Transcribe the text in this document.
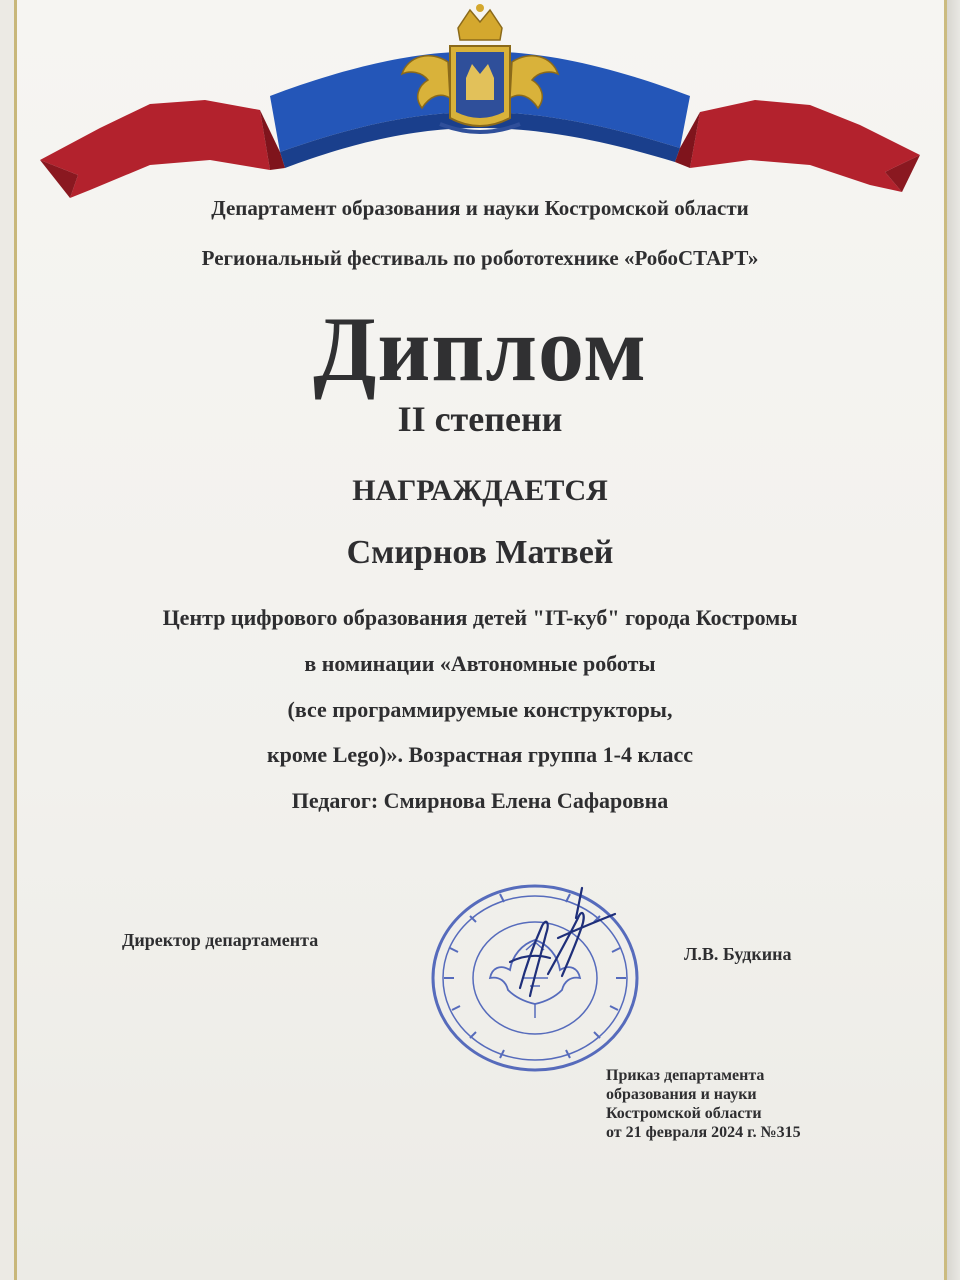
Департамент образования и науки Костромской области
Региональный фестиваль по робототехнике «РобоСТАРТ»
Диплом
II степени
НАГРАЖДАЕТСЯ
Смирнов Матвей
Центр цифрового образования детей "IT-куб" города Костромы
в номинации «Автономные роботы
(все программируемые конструкторы,
кроме Lego)». Возрастная группа 1-4 класс
Педагог: Смирнова Елена Сафаровна
Директор департамента
Л.В. Будкина
Приказ департамента
образования и науки
Костромской области
от 21 февраля 2024 г. №315
